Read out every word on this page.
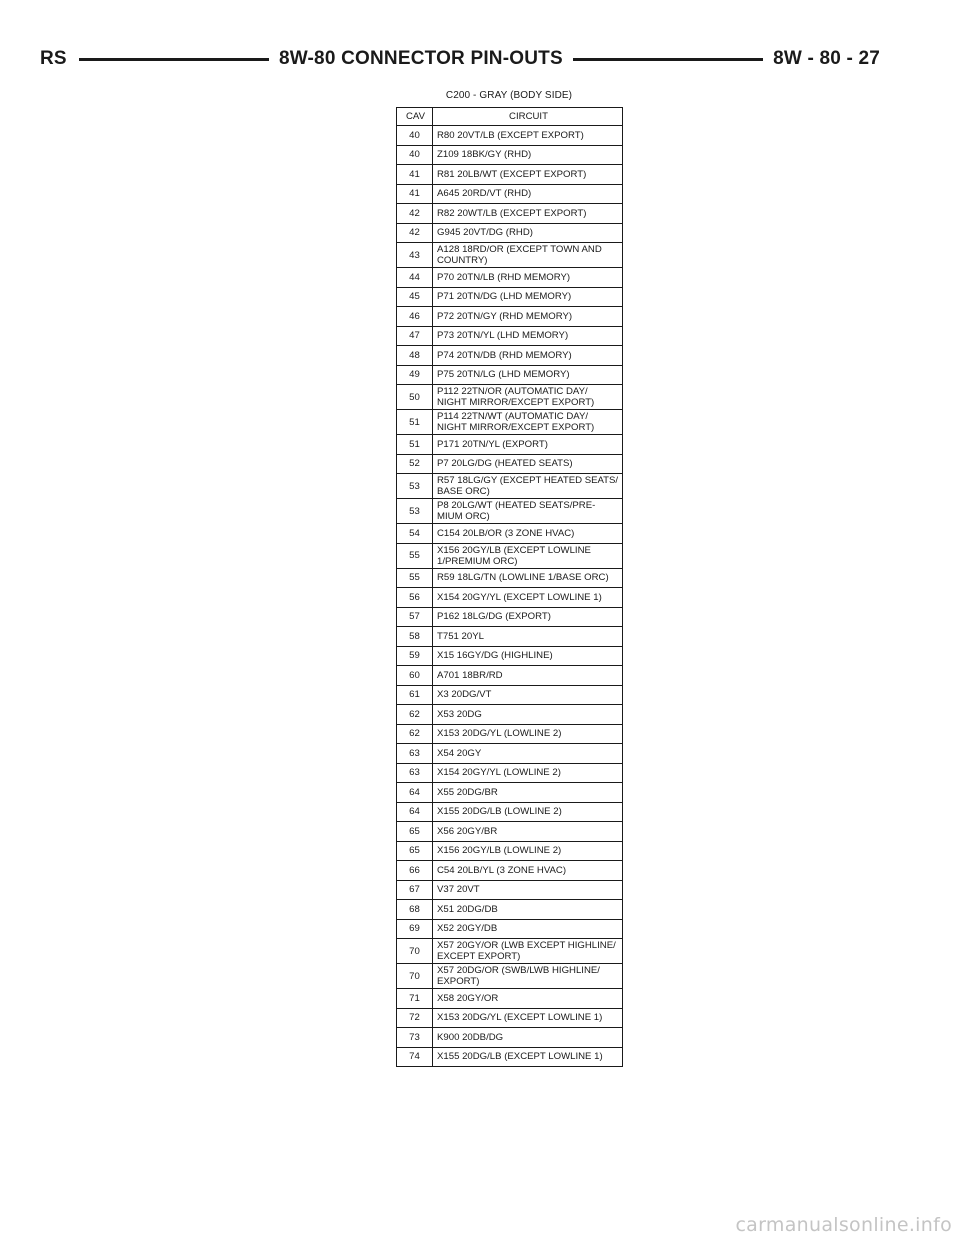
RS	8W-80 CONNECTOR PIN-OUTS	8W - 80 - 27
C200 - GRAY (BODY SIDE)
CAV	CIRCUIT
40	R80 20VT/LB (EXCEPT EXPORT)

40	Z109 18BK/GY (RHD)

41	R81 20LB/WT (EXCEPT EXPORT)

41	A645 20RD/VT (RHD)

42	R82 20WT/LB (EXCEPT EXPORT)

42	G945 20VT/DG (RHD)

43	A128 18RD/OR (EXCEPT TOWN AND
COUNTRY)

44	P70 20TN/LB (RHD MEMORY)

45	P71 20TN/DG (LHD MEMORY)

46	P72 20TN/GY (RHD MEMORY)

47	P73 20TN/YL (LHD MEMORY)

48	P74 20TN/DB (RHD MEMORY)

49	P75 20TN/LG (LHD MEMORY)

50	P112 22TN/OR (AUTOMATIC DAY/
NIGHT MIRROR/EXCEPT EXPORT)

51	P114 22TN/WT (AUTOMATIC DAY/
NIGHT MIRROR/EXCEPT EXPORT)

51	P171 20TN/YL (EXPORT)

52	P7 20LG/DG (HEATED SEATS)

53	R57 18LG/GY (EXCEPT HEATED SEATS/
BASE ORC)

53	P8 20LG/WT (HEATED SEATS/PRE-
MIUM ORC)

54	C154 20LB/OR (3 ZONE HVAC)

55	X156 20GY/LB (EXCEPT LOWLINE
1/PREMIUM ORC)

55	R59 18LG/TN (LOWLINE 1/BASE ORC)

56	X154 20GY/YL (EXCEPT LOWLINE 1)

57	P162 18LG/DG (EXPORT)

58	T751 20YL

59	X15 16GY/DG (HIGHLINE)

60	A701 18BR/RD

61	X3 20DG/VT

62	X53 20DG

62	X153 20DG/YL (LOWLINE 2)

63	X54 20GY

63	X154 20GY/YL (LOWLINE 2)

64	X55 20DG/BR

64	X155 20DG/LB (LOWLINE 2)

65	X56 20GY/BR

65	X156 20GY/LB (LOWLINE 2)

66	C54 20LB/YL (3 ZONE HVAC)

67	V37 20VT

68	X51 20DG/DB

69	X52 20GY/DB

70	X57 20GY/OR (LWB EXCEPT HIGHLINE/
EXCEPT EXPORT)

70	X57 20DG/OR (SWB/LWB HIGHLINE/
EXPORT)

71	X58 20GY/OR

72	X153 20DG/YL (EXCEPT LOWLINE 1)

73	K900 20DB/DG

74	X155 20DG/LB (EXCEPT LOWLINE 1)
carmanualsonline.info
